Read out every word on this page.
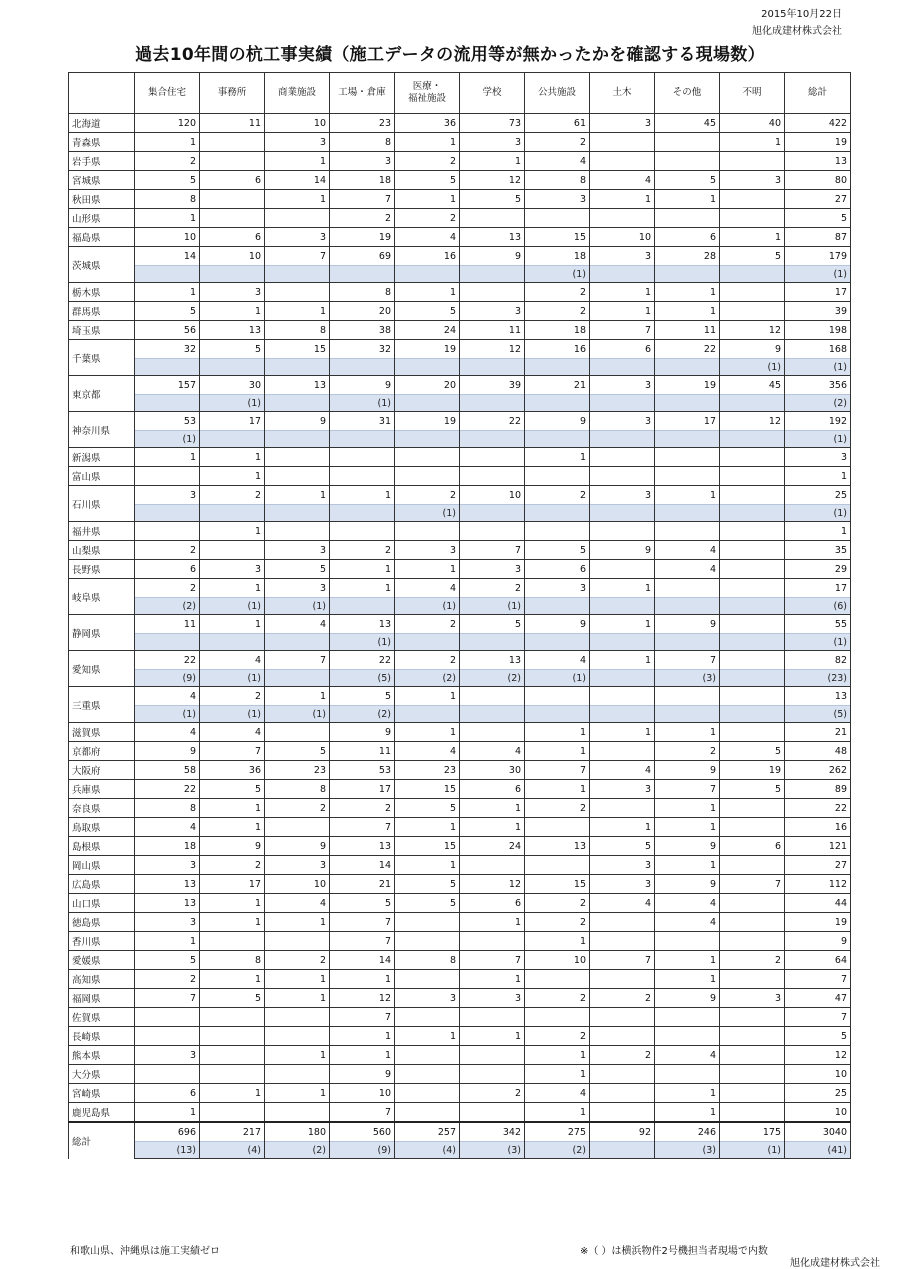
2015年10月22日
旭化成建材株式会社
過去10年間の杭工事実績（施工データの流用等が無かったかを確認する現場数）
	集合住宅	事務所	商業施設	工場・倉庫	医療・
福祉施設	学校	公共施設	土木	その他	不明	総計
北海道	120	11	10	23	36	73	61	3	45	40	422
青森県	1		3	8	1	3	2			1	19
岩手県	2		1	3	2	1	4				13
宮城県	5	6	14	18	5	12	8	4	5	3	80
秋田県	8		1	7	1	5	3	1	1		27
山形県	1			2	2						5
福島県	10	6	3	19	4	13	15	10	6	1	87
茨城県	14	10	7	69	16	9	18	3	28	5	179
							(1)				(1)
栃木県	1	3		8	1		2	1	1		17
群馬県	5	1	1	20	5	3	2	1	1		39
埼玉県	56	13	8	38	24	11	18	7	11	12	198
千葉県	32	5	15	32	19	12	16	6	22	9	168
										(1)	(1)
東京都	157	30	13	9	20	39	21	3	19	45	356
		(1)		(1)							(2)
神奈川県	53	17	9	31	19	22	9	3	17	12	192
	(1)										(1)
新潟県	1	1					1				3
富山県		1									1
石川県	3	2	1	1	2	10	2	3	1		25
					(1)						(1)
福井県		1									1
山梨県	2		3	2	3	7	5	9	4		35
長野県	6	3	5	1	1	3	6		4		29
岐阜県	2	1	3	1	4	2	3	1			17
	(2)	(1)	(1)		(1)	(1)					(6)
静岡県	11	1	4	13	2	5	9	1	9		55
				(1)							(1)
愛知県	22	4	7	22	2	13	4	1	7		82
	(9)	(1)		(5)	(2)	(2)	(1)		(3)		(23)
三重県	4	2	1	5	1						13
	(1)	(1)	(1)	(2)							(5)
滋賀県	4	4		9	1		1	1	1		21
京都府	9	7	5	11	4	4	1		2	5	48
大阪府	58	36	23	53	23	30	7	4	9	19	262
兵庫県	22	5	8	17	15	6	1	3	7	5	89
奈良県	8	1	2	2	5	1	2		1		22
鳥取県	4	1		7	1	1		1	1		16
島根県	18	9	9	13	15	24	13	5	9	6	121
岡山県	3	2	3	14	1			3	1		27
広島県	13	17	10	21	5	12	15	3	9	7	112
山口県	13	1	4	5	5	6	2	4	4		44
徳島県	3	1	1	7		1	2		4		19
香川県	1			7			1				9
愛媛県	5	8	2	14	8	7	10	7	1	2	64
高知県	2	1	1	1		1			1		7
福岡県	7	5	1	12	3	3	2	2	9	3	47
佐賀県				7							7
長崎県				1	1	1	2				5
熊本県	3		1	1			1	2	4		12
大分県				9			1				10
宮崎県	6	1	1	10		2	4		1		25
鹿児島県	1			7			1		1		10
総計	696	217	180	560	257	342	275	92	246	175	3040
	(13)	(4)	(2)	(9)	(4)	(3)	(2)		(3)	(1)	(41)
和歌山県、沖縄県は施工実績ゼロ	※（ ）は横浜物件2号機担当者現場で内数
旭化成建材株式会社
